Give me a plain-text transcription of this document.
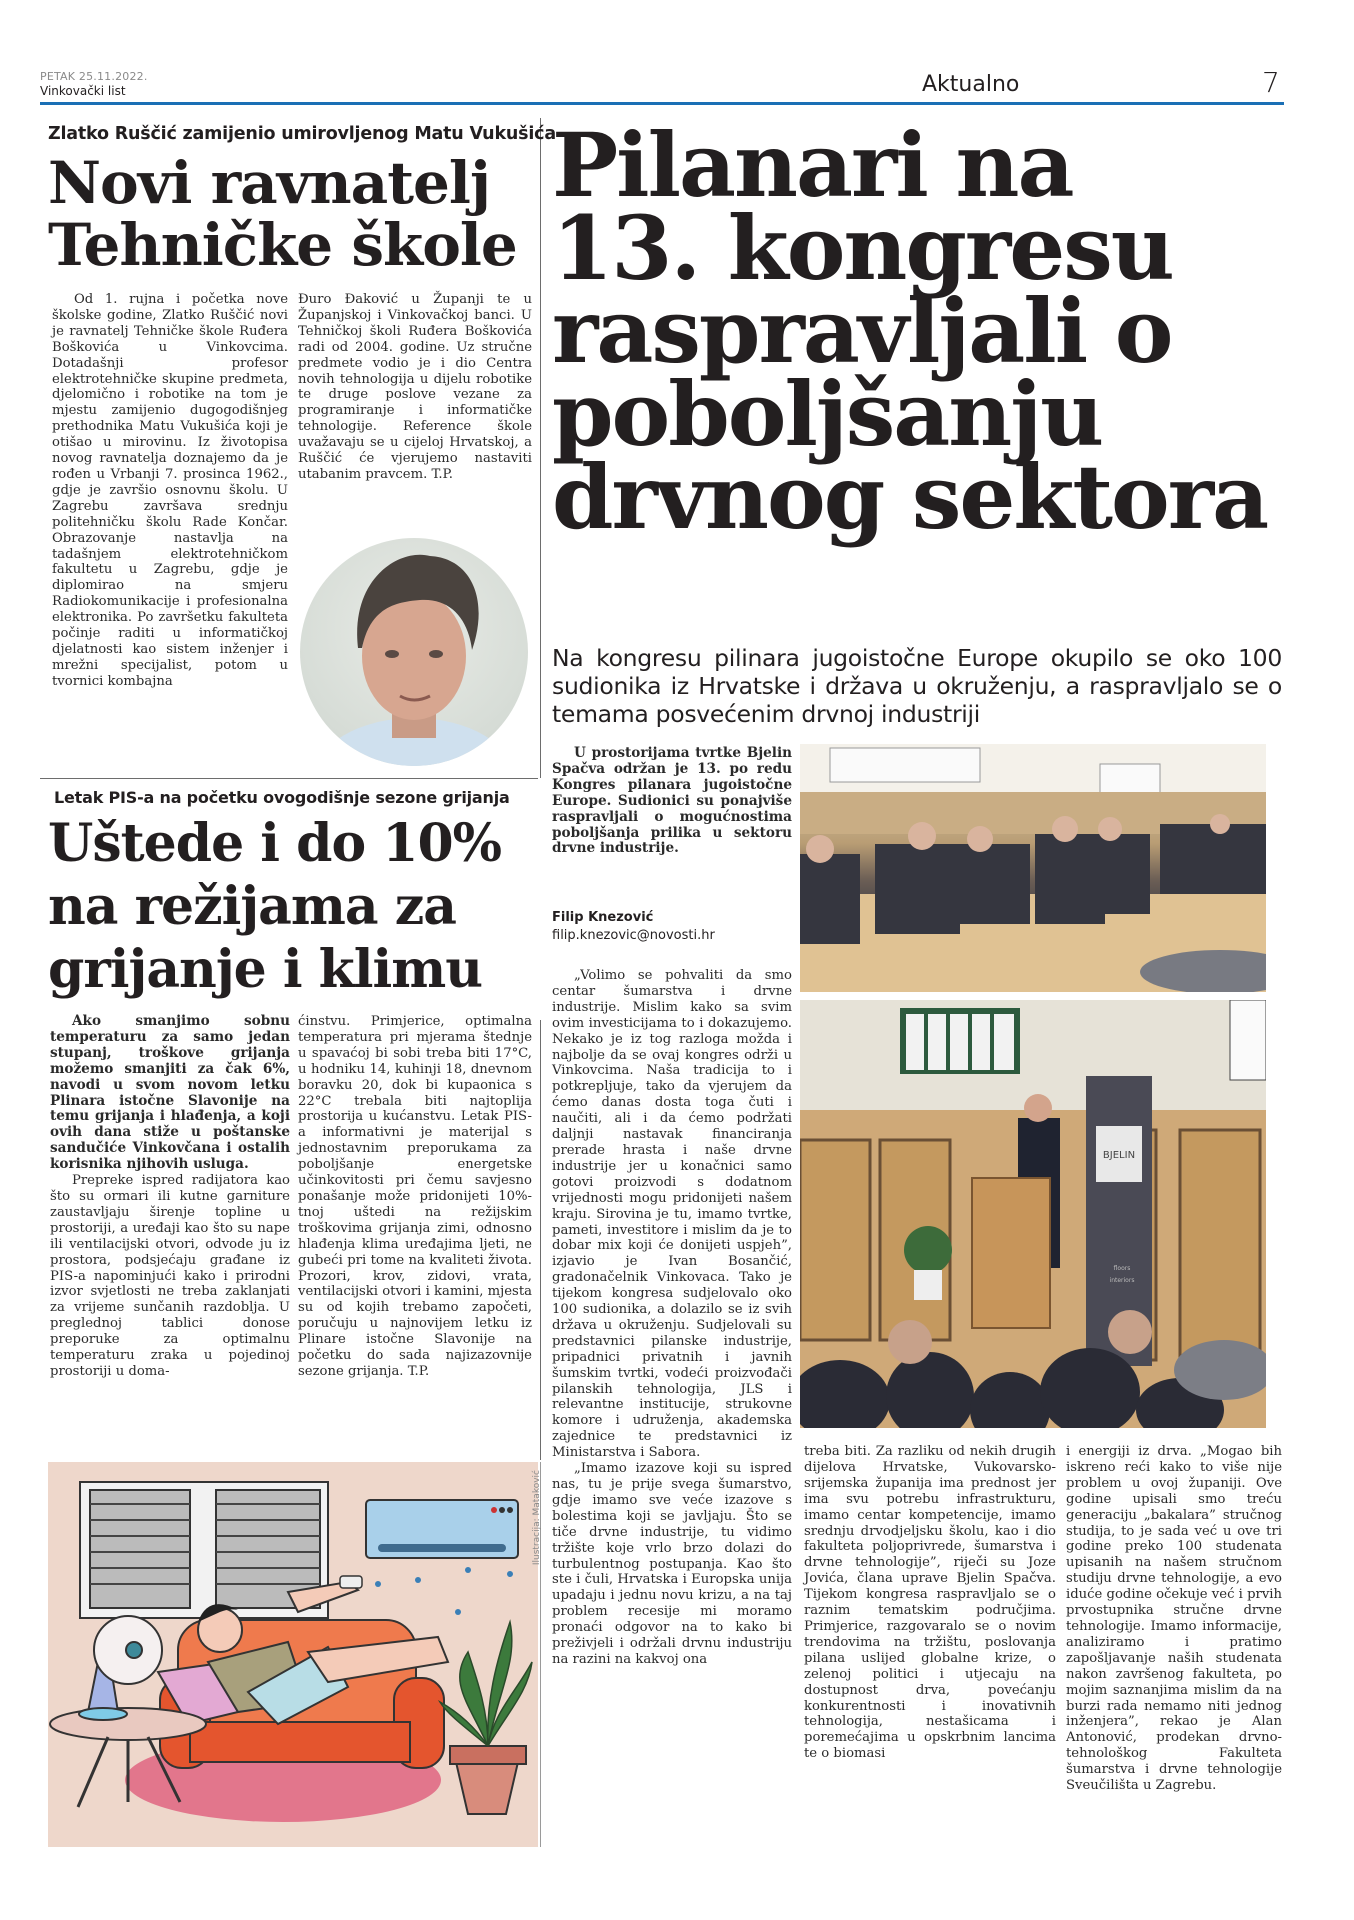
PETAK 25.11.2022.
Vinkovački list	Aktualno	7
Zlatko Ruščić zamijenio umirovljenog Matu Vukušića
Novi ravnatelj
Tehničke škole

Od 1. rujna i početka nove školske godine, Zlatko Ruščić novi je ravnatelj Tehničke škole Ruđera Boškovića u Vinkovcima. Dotadašnji profesor elektrotehničke skupine predmeta, djelomično i robotike na tom je mjestu zamijenio dugogodišnjeg prethodnika Matu Vukušića koji je otišao u mirovinu. Iz životopisa novog ravnatelja doznajemo da je rođen u Vrbanji 7. prosinca 1962., gdje je završio osnovnu školu. U Zagrebu završava srednju politehničku školu Rade Končar. Obrazovanje nastavlja na tadašnjem elektrotehničkom fakultetu u Zagrebu, gdje je diplomirao na smjeru Radiokomunikacije i profesionalna elektronika. Po završetku fakulteta počinje raditi u informatičkoj djelatnosti kao sistem inženjer i mrežni specijalist, potom u tvornici kombajna

Đuro Đaković u Županji te u Županjskoj i Vinkovačkoj banci. U Tehničkoj školi Ruđera Boškovića radi od 2004. godine. Uz stručne predmete vodio je i dio Centra novih tehnologija u dijelu robotike te druge poslove vezane za programiranje i informatičke tehnologije. Reference škole uvažavaju se u cijeloj Hrvatskoj, a Ruščić će vjerujemo nastaviti utabanim pravcem. T.P.

Letak PIS-a na početku ovogodišnje sezone grijanja
Uštede i do 10%
na režijama za
grijanje i klimu

Ako smanjimo sobnu temperaturu za samo jedan stupanj, troškove grijanja možemo smanjiti za čak 6%, navodi u svom novom letku Plinara istočne Slavonije na temu grijanja i hlađenja, a koji ovih dana stiže u poštanske sandučiće Vinkovčana i ostalih korisnika njihovih usluga.

Prepreke ispred radijatora kao što su ormari ili kutne garniture zaustavljaju širenje topline u prostoriji, a uređaji kao što su nape ili ventilacijski otvori, odvode ju iz prostora, podsjećaju građane iz PIS-a napominjući kako i prirodni izvor svjetlosti ne treba zaklanjati za vrijeme sunčanih razdoblja. U preglednoj tablici donose preporuke za optimalnu temperaturu zraka u pojedinoj prostoriji u doma-

ćinstvu. Primjerice, optimalna temperatura pri mjerama štednje u spavaćoj bi sobi treba biti 17°C, u hodniku 14, kuhinji 18, dnevnom boravku 20, dok bi kupaonica s 22°C trebala biti najtoplija prostorija u kućanstvu. Letak PIS-a informativni je materijal s jednostavnim preporukama za poboljšanje energetske učinkovitosti pri čemu savjesno ponašanje može pridonijeti 10%-tnoj uštedi na režijskim troškovima grijanja zimi, odnosno hlađenja klima uređajima ljeti, ne gubeći pri tome na kvaliteti života. Prozori, krov, zidovi, vrata, ventilacijski otvori i kamini, mjesta su od kojih trebamo započeti, poručuju u najnovijem letku iz Plinare istočne Slavonije na početku do sada najizazovnije sezone grijanja. T.P.

Ilustracija: Mataković
Pilanari na
13. kongresu
raspravljali o
poboljšanju
drvnog sektora
Na kongresu pilinara jugoistočne Europe okupilo se oko 100 sudionika iz Hrvatske i država u okruženju, a raspravljalo se o temama posvećenim drvnoj industriji

U prostorijama tvrtke Bjelin Spačva održan je 13. po redu Kongres pilanara jugoistočne Europe. Sudionici su ponajviše raspravljali o mogućnostima poboljšanja prilika u sektoru drvne industrije.

Filip Knezović
filip.knezovic@novosti.hr

„Volimo se pohvaliti da smo centar šumarstva i drvne industrije. Mislim kako sa svim ovim investicijama to i dokazujemo. Nekako je iz tog razloga možda i najbolje da se ovaj kongres održi u Vinkovcima. Naša tradicija to i potkrepljuje, tako da vjerujem da ćemo danas dosta toga čuti i naučiti, ali i da ćemo podržati daljnji nastavak financiranja prerade hrasta i naše drvne industrije jer u konačnici samo gotovi proizvodi s dodatnom vrijednosti mogu pridonijeti našem kraju. Sirovina je tu, imamo tvrtke, pameti, investitore i mislim da je to dobar mix koji će donijeti uspjeh”, izjavio je Ivan Bosančić, gradonačelnik Vinkovaca. Tako je tijekom kongresa sudjelovalo oko 100 sudionika, a dolazilo se iz svih država u okruženju. Sudjelovali su predstavnici pilanske industrije, pripadnici privatnih i javnih šumskim tvrtki, vodeći proizvođači pilanskih tehnologija, JLS i relevantne institucije, strukovne komore i udruženja, akademska zajednice te predstavnici iz Ministarstva i Sabora.

„Imamo izazove koji su ispred nas, tu je prije svega šumarstvo, gdje imamo sve veće izazove s bolestima koji se javljaju. Što se tiče drvne industrije, tu vidimo tržište koje vrlo brzo dolazi do turbulentnog postupanja. Kao što ste i čuli, Hrvatska i Europska unija upadaju i jednu novu krizu, a na taj problem recesije mi moramo pronaći odgovor na to kako bi preživjeli i održali drvnu industriju na razini na kakvoj ona

BJELIN
floors
interiors

treba biti. Za razliku od nekih drugih dijelova Hrvatske, Vukovarsko-srijemska županija ima prednost jer ima svu potrebu infrastrukturu, imamo centar kompetencije, imamo srednju drvodjeljsku školu, kao i dio fakulteta poljoprivrede, šumarstva i drvne tehnologije”, riječi su Joze Jovića, člana uprave Bjelin Spačva. Tijekom kongresa raspravljalo se o raznim tematskim područjima. Primjerice, razgovaralo se o novim trendovima na tržištu, poslovanja pilana uslijed globalne krize, o zelenoj politici i utjecaju na dostupnost drva, povećanju konkurentnosti i inovativnih tehnologija, nestašicama i poremećajima u opskrbnim lancima te o biomasi

i energiji iz drva. „Mogao bih iskreno reći kako to više nije problem u ovoj županiji. Ove godine upisali smo treću generaciju „bakalara” stručnog studija, to je sada već u ove tri godine preko 100 studenata upisanih na našem stručnom studiju drvne tehnologije, a evo iduće godine očekuje već i prvih prvostupnika stručne drvne tehnologije. Imamo informacije, analiziramo i pratimo zapošljavanje naših studenata nakon završenog fakulteta, po mojim saznanjima mislim da na burzi rada nemamo niti jednog inženjera”, rekao je Alan Antonović, prodekan drvno-tehnološkog Fakulteta šumarstva i drvne tehnologije Sveučilišta u Zagrebu.
